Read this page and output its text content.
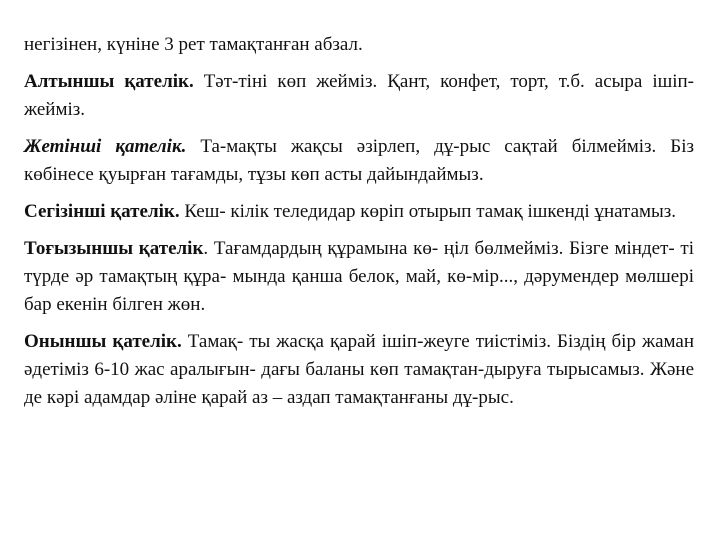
негізінен, күніне 3 рет тамақтанған абзал.

Алтыншы қателік. Тәт-тіні көп жейміз. Қант, конфет, торт, т.б. асыра ішіп-жейміз.

Жетінші қателік. Та-мақты жақсы әзірлеп, дұ-рыс сақтай білмейміз. Біз көбінесе қуырған тағамды, тұзы көп асты дайындаймыз.

Сегізінші қателік. Кеш- кілік теледидар көріп отырып тамақ ішкенді ұнатамыз.

Тоғызыншы қателік. Тағамдардың құрамына кө- ңіл бөлмейміз. Бізге міндет- ті түрде әр тамақтың құра- мында қанша белок, май, кө-мір..., дәрумендер мөлшері бар екенін білген жөн.

Оныншы қателік. Тамақ- ты жасқа қарай ішіп-жеуге тиістіміз. Біздің бір жаман әдетіміз 6-10 жас аралығын- дағы баланы көп тамақтан-дыруға тырысамыз. Және де кәрі адамдар әліне қарай аз – аздап тамақтанғаны дұ-рыс.
